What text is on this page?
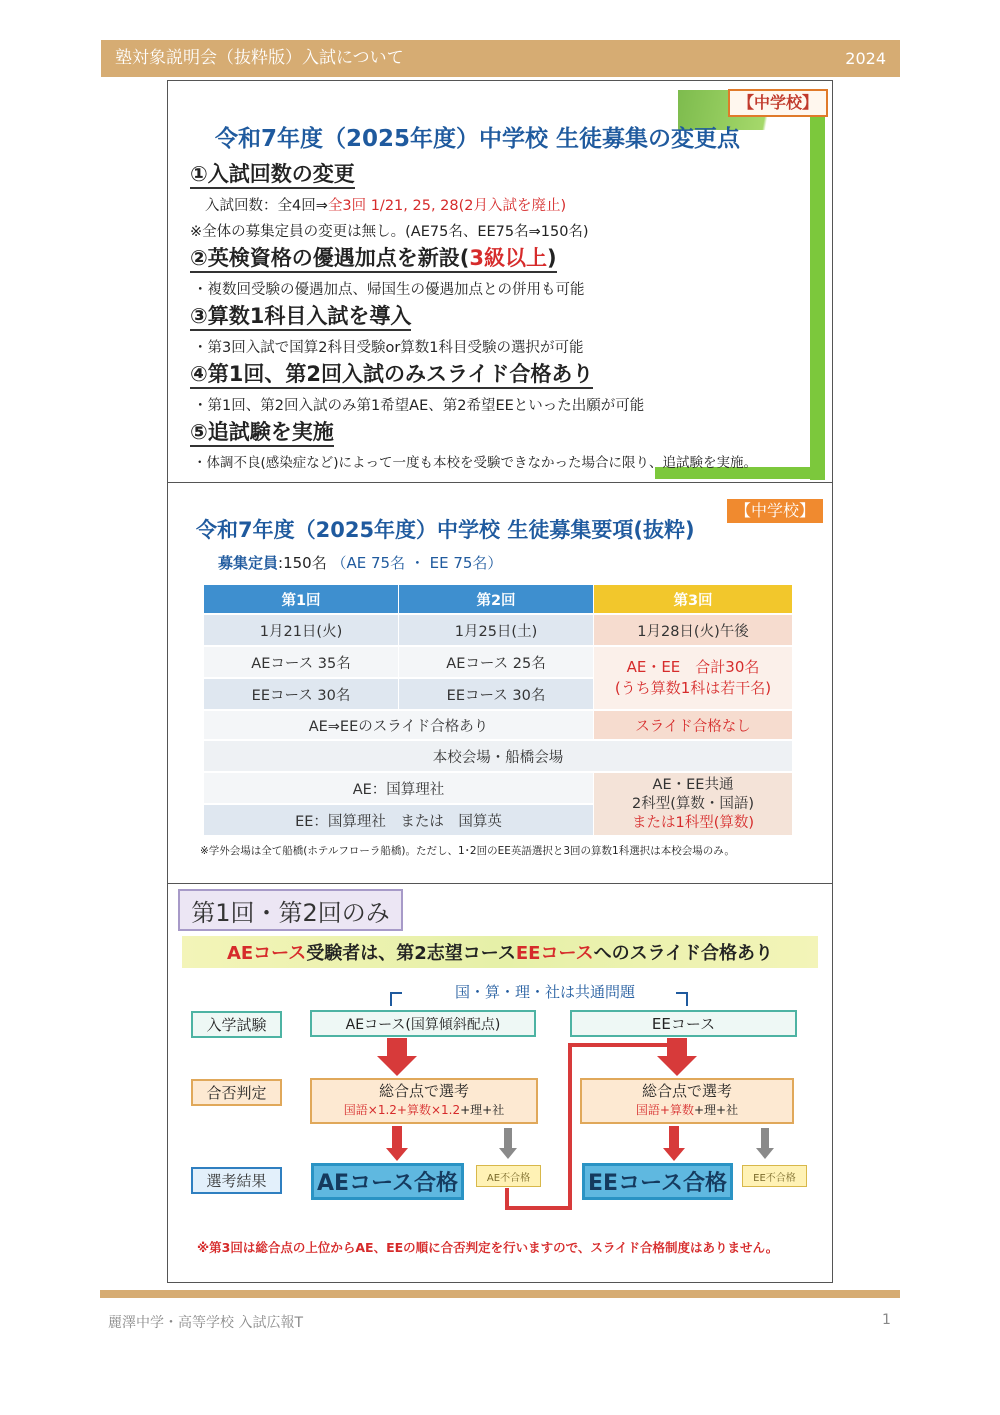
塾対象説明会（抜粋版）入試について	2024
【中学校】
令和7年度（2025年度）中学校 生徒募集の変更点
①入試回数の変更
入試回数：全4回⇒全3回 1/21, 25, 28(2月入試を廃止)
※全体の募集定員の変更は無し。(AE75名、EE75名⇒150名)
②英検資格の優遇加点を新設(3級以上)
・複数回受験の優遇加点、帰国生の優遇加点との併用も可能
③算数1科目入試を導入
・第3回入試で国算2科目受験or算数1科目受験の選択が可能
④第1回、第2回入試のみスライド合格あり
・第1回、第2回入試のみ第1希望AE、第2希望EEといった出願が可能
⑤追試験を実施
・体調不良(感染症など)によって一度も本校を受験できなかった場合に限り、追試験を実施。
【中学校】
令和7年度（2025年度）中学校 生徒募集要項(抜粋)
募集定員:150名 （AE 75名 ・ EE 75名）
第1回	第2回	第3回
1月21日(火)	1月25日(土)	1月28日(火)午後
AEコース 35名	AEコース 25名
EEコース 30名	EEコース 30名
AE・EE　合計30名
(うち算数1科は若干名)
AE⇒EEのスライド合格あり	スライド合格なし
本校会場・船橋会場
AE：国算理社
EE：国算理社　または　国算英
AE・EE共通
2科型(算数・国語)
または1科型(算数)
※学外会場は全て船橋(ホテルフローラ船橋)。ただし、1･2回のEE英語選択と3回の算数1科選択は本校会場のみ。
第1回・第2回のみ
AEコース 受験者は、第2志望コース EEコース へのスライド合格あり
国・算・理・社は共通問題
入学試験
合否判定
選考結果
AEコース(国算傾斜配点)	EEコース
総合点で選考
国語×1.2+算数×1.2+理+社
総合点で選考
国語+算数+理+社
AEコース合格	AE不合格	EEコース合格	EE不合格
※第3回は総合点の上位からAE、EEの順に合否判定を行いますので、スライド合格制度はありません。
麗澤中学・高等学校 入試広報T	1
